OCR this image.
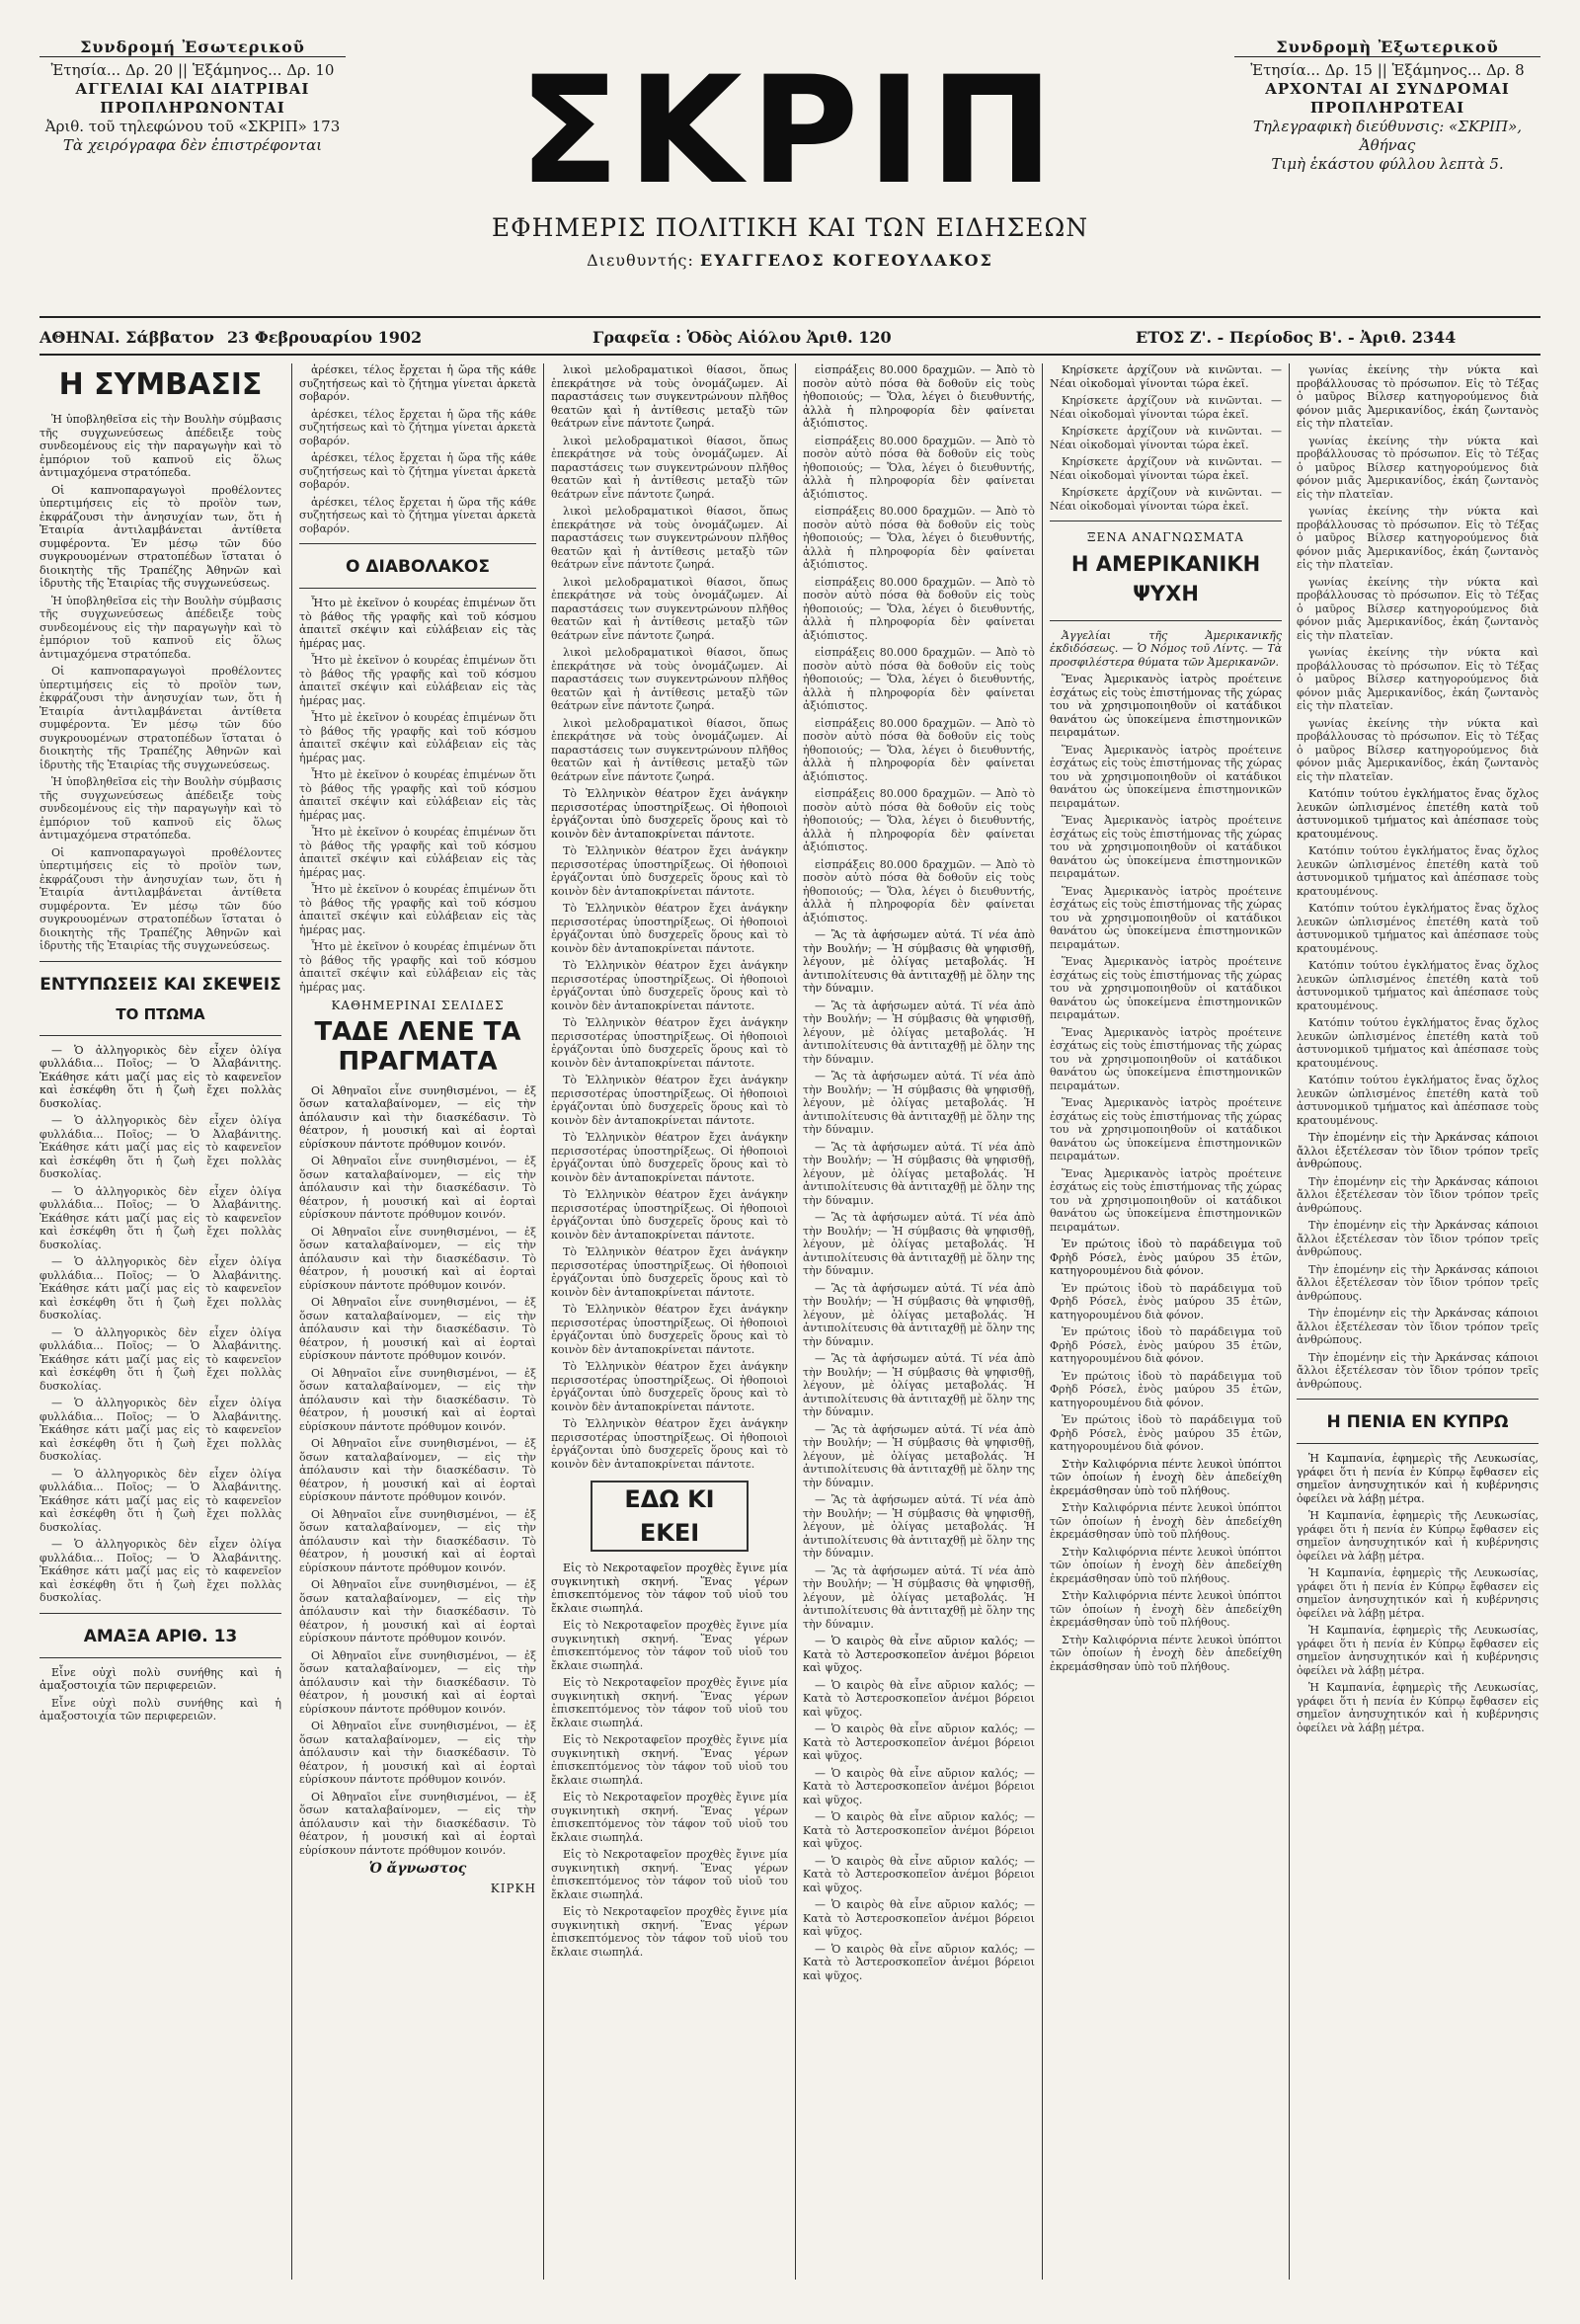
Συνδρομή Ἐσωτερικοῦ
Ἐτησία... Δρ. 20 || Ἑξάμηνος... Δρ. 10
ΑΓΓΕΛΙΑΙ ΚΑΙ ΔΙΑΤΡΙΒΑΙ
ΠΡΟΠΛΗΡΩΝΟΝΤΑΙ
Ἀριθ. τοῦ τηλεφώνου τοῦ «ΣΚΡΙΠ» 173
Τὰ χειρόγραφα δὲν ἐπιστρέφονται ΣΚΡΙΠ
ΕΦΗΜΕΡΙΣ ΠΟΛΙΤΙΚΗ ΚΑΙ ΤΩΝ ΕΙΔΗΣΕΩΝ
Διευθυντής: ΕΥΑΓΓΕΛΟΣ ΚΟΓΕΟΥΛΑΚΟΣ
Συνδρομὴ Ἐξωτερικοῦ
Ἐτησία... Δρ. 15 || Ἑξάμηνος... Δρ. 8
ΑΡΧΟΝΤΑΙ ΑΙ ΣΥΝΔΡΟΜΑΙ
ΠΡΟΠΛΗΡΩΤΕΑΙ
Τηλεγραφικὴ διεύθυνσις: «ΣΚΡΙΠ», Ἀθήνας
Τιμὴ ἑκάστου φύλλου λεπτὰ 5.
ΑΘΗΝΑΙ. Σάββατον 23 Φεβρουαρίου 1902	Γραφεῖα : Ὁδὸς Αἰόλου Ἀριθ. 120	ΕΤΟΣ Ζ'. - Περίοδος Β'. - Ἀριθ. 2344
Η ΣΥΜΒΑΣΙΣ

Ἡ ὑποβληθεῖσα εἰς τὴν Βουλὴν σύμβασις τῆς συγχωνεύσεως ἀπέδειξε τοὺς συνδεομένους εἰς τὴν παραγωγὴν καὶ τὸ ἐμπόριον τοῦ καπνοῦ εἰς ὅλως ἀντιμαχόμενα στρατόπεδα.

Οἱ καπνοπαραγωγοὶ προθέλοντες ὑπερτιμήσεις εἰς τὸ προϊὸν των, ἐκφράζουσι τὴν ἀνησυχίαν των, ὅτι ἡ Ἑταιρία ἀντιλαμβάνεται ἀντίθετα συμφέροντα. Ἐν μέσῳ τῶν δύο συγκρουομένων στρατοπέδων ἵσταται ὁ διοικητὴς τῆς Τραπέζης Ἀθηνῶν καὶ ἱδρυτὴς τῆς Ἑταιρίας τῆς συγχωνεύσεως.

Ἡ ὑποβληθεῖσα εἰς τὴν Βουλὴν σύμβασις τῆς συγχωνεύσεως ἀπέδειξε τοὺς συνδεομένους εἰς τὴν παραγωγὴν καὶ τὸ ἐμπόριον τοῦ καπνοῦ εἰς ὅλως ἀντιμαχόμενα στρατόπεδα.

Οἱ καπνοπαραγωγοὶ προθέλοντες ὑπερτιμήσεις εἰς τὸ προϊὸν των, ἐκφράζουσι τὴν ἀνησυχίαν των, ὅτι ἡ Ἑταιρία ἀντιλαμβάνεται ἀντίθετα συμφέροντα. Ἐν μέσῳ τῶν δύο συγκρουομένων στρατοπέδων ἵσταται ὁ διοικητὴς τῆς Τραπέζης Ἀθηνῶν καὶ ἱδρυτὴς τῆς Ἑταιρίας τῆς συγχωνεύσεως.

Ἡ ὑποβληθεῖσα εἰς τὴν Βουλὴν σύμβασις τῆς συγχωνεύσεως ἀπέδειξε τοὺς συνδεομένους εἰς τὴν παραγωγὴν καὶ τὸ ἐμπόριον τοῦ καπνοῦ εἰς ὅλως ἀντιμαχόμενα στρατόπεδα.

Οἱ καπνοπαραγωγοὶ προθέλοντες ὑπερτιμήσεις εἰς τὸ προϊὸν των, ἐκφράζουσι τὴν ἀνησυχίαν των, ὅτι ἡ Ἑταιρία ἀντιλαμβάνεται ἀντίθετα συμφέροντα. Ἐν μέσῳ τῶν δύο συγκρουομένων στρατοπέδων ἵσταται ὁ διοικητὴς τῆς Τραπέζης Ἀθηνῶν καὶ ἱδρυτὴς τῆς Ἑταιρίας τῆς συγχωνεύσεως.

ΕΝΤΥΠΩΣΕΙΣ ΚΑΙ ΣΚΕΨΕΙΣ
ΤΟ ΠΤΩΜΑ

— Ὁ ἀλληγορικὸς δὲν εἶχεν ὀλίγα φυλλάδια... Ποῖος; — Ὁ Ἀλαβάνιτης. Ἐκάθησε κάτι μαζί μας εἰς τὸ καφενεῖον καὶ ἐσκέφθη ὅτι ἡ ζωὴ ἔχει πολλὰς δυσκολίας.

— Ὁ ἀλληγορικὸς δὲν εἶχεν ὀλίγα φυλλάδια... Ποῖος; — Ὁ Ἀλαβάνιτης. Ἐκάθησε κάτι μαζί μας εἰς τὸ καφενεῖον καὶ ἐσκέφθη ὅτι ἡ ζωὴ ἔχει πολλὰς δυσκολίας.

— Ὁ ἀλληγορικὸς δὲν εἶχεν ὀλίγα φυλλάδια... Ποῖος; — Ὁ Ἀλαβάνιτης. Ἐκάθησε κάτι μαζί μας εἰς τὸ καφενεῖον καὶ ἐσκέφθη ὅτι ἡ ζωὴ ἔχει πολλὰς δυσκολίας.

— Ὁ ἀλληγορικὸς δὲν εἶχεν ὀλίγα φυλλάδια... Ποῖος; — Ὁ Ἀλαβάνιτης. Ἐκάθησε κάτι μαζί μας εἰς τὸ καφενεῖον καὶ ἐσκέφθη ὅτι ἡ ζωὴ ἔχει πολλὰς δυσκολίας.

— Ὁ ἀλληγορικὸς δὲν εἶχεν ὀλίγα φυλλάδια... Ποῖος; — Ὁ Ἀλαβάνιτης. Ἐκάθησε κάτι μαζί μας εἰς τὸ καφενεῖον καὶ ἐσκέφθη ὅτι ἡ ζωὴ ἔχει πολλὰς δυσκολίας.

— Ὁ ἀλληγορικὸς δὲν εἶχεν ὀλίγα φυλλάδια... Ποῖος; — Ὁ Ἀλαβάνιτης. Ἐκάθησε κάτι μαζί μας εἰς τὸ καφενεῖον καὶ ἐσκέφθη ὅτι ἡ ζωὴ ἔχει πολλὰς δυσκολίας.

— Ὁ ἀλληγορικὸς δὲν εἶχεν ὀλίγα φυλλάδια... Ποῖος; — Ὁ Ἀλαβάνιτης. Ἐκάθησε κάτι μαζί μας εἰς τὸ καφενεῖον καὶ ἐσκέφθη ὅτι ἡ ζωὴ ἔχει πολλὰς δυσκολίας.

— Ὁ ἀλληγορικὸς δὲν εἶχεν ὀλίγα φυλλάδια... Ποῖος; — Ὁ Ἀλαβάνιτης. Ἐκάθησε κάτι μαζί μας εἰς τὸ καφενεῖον καὶ ἐσκέφθη ὅτι ἡ ζωὴ ἔχει πολλὰς δυσκολίας.

ΑΜΑΞΑ ΑΡΙΘ. 13

Εἶνε οὐχὶ πολὺ συνήθης καὶ ἡ ἀμαξοστοιχία τῶν περιφερειῶν.

Εἶνε οὐχὶ πολὺ συνήθης καὶ ἡ ἀμαξοστοιχία τῶν περιφερειῶν.

ἀρέσκει, τέλος ἔρχεται ἡ ὥρα τῆς κάθε συζητήσεως καὶ τὸ ζήτημα γίνεται ἀρκετὰ σοβαρόν.

ἀρέσκει, τέλος ἔρχεται ἡ ὥρα τῆς κάθε συζητήσεως καὶ τὸ ζήτημα γίνεται ἀρκετὰ σοβαρόν.

ἀρέσκει, τέλος ἔρχεται ἡ ὥρα τῆς κάθε συζητήσεως καὶ τὸ ζήτημα γίνεται ἀρκετὰ σοβαρόν.

ἀρέσκει, τέλος ἔρχεται ἡ ὥρα τῆς κάθε συζητήσεως καὶ τὸ ζήτημα γίνεται ἀρκετὰ σοβαρόν.

Ο ΔΙΑΒΟΛΑΚΟΣ

Ἦτο μὲ ἐκεῖνον ὁ κουρέας ἐπιμένων ὅτι τὸ βάθος τῆς γραφῆς καὶ τοῦ κόσμου ἀπαιτεῖ σκέψιν καὶ εὐλάβειαν εἰς τὰς ἡμέρας μας.

Ἦτο μὲ ἐκεῖνον ὁ κουρέας ἐπιμένων ὅτι τὸ βάθος τῆς γραφῆς καὶ τοῦ κόσμου ἀπαιτεῖ σκέψιν καὶ εὐλάβειαν εἰς τὰς ἡμέρας μας.

Ἦτο μὲ ἐκεῖνον ὁ κουρέας ἐπιμένων ὅτι τὸ βάθος τῆς γραφῆς καὶ τοῦ κόσμου ἀπαιτεῖ σκέψιν καὶ εὐλάβειαν εἰς τὰς ἡμέρας μας.

Ἦτο μὲ ἐκεῖνον ὁ κουρέας ἐπιμένων ὅτι τὸ βάθος τῆς γραφῆς καὶ τοῦ κόσμου ἀπαιτεῖ σκέψιν καὶ εὐλάβειαν εἰς τὰς ἡμέρας μας.

Ἦτο μὲ ἐκεῖνον ὁ κουρέας ἐπιμένων ὅτι τὸ βάθος τῆς γραφῆς καὶ τοῦ κόσμου ἀπαιτεῖ σκέψιν καὶ εὐλάβειαν εἰς τὰς ἡμέρας μας.

Ἦτο μὲ ἐκεῖνον ὁ κουρέας ἐπιμένων ὅτι τὸ βάθος τῆς γραφῆς καὶ τοῦ κόσμου ἀπαιτεῖ σκέψιν καὶ εὐλάβειαν εἰς τὰς ἡμέρας μας.

Ἦτο μὲ ἐκεῖνον ὁ κουρέας ἐπιμένων ὅτι τὸ βάθος τῆς γραφῆς καὶ τοῦ κόσμου ἀπαιτεῖ σκέψιν καὶ εὐλάβειαν εἰς τὰς ἡμέρας μας.

ΚΑΘΗΜΕΡΙΝΑΙ ΣΕΛΙΔΕΣ
ΤΑΔΕ ΛΕΝΕ ΤΑ ΠΡΑΓΜΑΤΑ

Οἱ Ἀθηναῖοι εἶνε συνηθισμένοι, — ἐξ ὅσων καταλαβαίνομεν, — εἰς τὴν ἀπόλαυσιν καὶ τὴν διασκέδασιν. Τὸ θέατρον, ἡ μουσική καὶ αἱ ἑορταὶ εὑρίσκουν πάντοτε πρόθυμον κοινόν.

Οἱ Ἀθηναῖοι εἶνε συνηθισμένοι, — ἐξ ὅσων καταλαβαίνομεν, — εἰς τὴν ἀπόλαυσιν καὶ τὴν διασκέδασιν. Τὸ θέατρον, ἡ μουσική καὶ αἱ ἑορταὶ εὑρίσκουν πάντοτε πρόθυμον κοινόν.

Οἱ Ἀθηναῖοι εἶνε συνηθισμένοι, — ἐξ ὅσων καταλαβαίνομεν, — εἰς τὴν ἀπόλαυσιν καὶ τὴν διασκέδασιν. Τὸ θέατρον, ἡ μουσική καὶ αἱ ἑορταὶ εὑρίσκουν πάντοτε πρόθυμον κοινόν.

Οἱ Ἀθηναῖοι εἶνε συνηθισμένοι, — ἐξ ὅσων καταλαβαίνομεν, — εἰς τὴν ἀπόλαυσιν καὶ τὴν διασκέδασιν. Τὸ θέατρον, ἡ μουσική καὶ αἱ ἑορταὶ εὑρίσκουν πάντοτε πρόθυμον κοινόν.

Οἱ Ἀθηναῖοι εἶνε συνηθισμένοι, — ἐξ ὅσων καταλαβαίνομεν, — εἰς τὴν ἀπόλαυσιν καὶ τὴν διασκέδασιν. Τὸ θέατρον, ἡ μουσική καὶ αἱ ἑορταὶ εὑρίσκουν πάντοτε πρόθυμον κοινόν.

Οἱ Ἀθηναῖοι εἶνε συνηθισμένοι, — ἐξ ὅσων καταλαβαίνομεν, — εἰς τὴν ἀπόλαυσιν καὶ τὴν διασκέδασιν. Τὸ θέατρον, ἡ μουσική καὶ αἱ ἑορταὶ εὑρίσκουν πάντοτε πρόθυμον κοινόν.

Οἱ Ἀθηναῖοι εἶνε συνηθισμένοι, — ἐξ ὅσων καταλαβαίνομεν, — εἰς τὴν ἀπόλαυσιν καὶ τὴν διασκέδασιν. Τὸ θέατρον, ἡ μουσική καὶ αἱ ἑορταὶ εὑρίσκουν πάντοτε πρόθυμον κοινόν.

Οἱ Ἀθηναῖοι εἶνε συνηθισμένοι, — ἐξ ὅσων καταλαβαίνομεν, — εἰς τὴν ἀπόλαυσιν καὶ τὴν διασκέδασιν. Τὸ θέατρον, ἡ μουσική καὶ αἱ ἑορταὶ εὑρίσκουν πάντοτε πρόθυμον κοινόν.

Οἱ Ἀθηναῖοι εἶνε συνηθισμένοι, — ἐξ ὅσων καταλαβαίνομεν, — εἰς τὴν ἀπόλαυσιν καὶ τὴν διασκέδασιν. Τὸ θέατρον, ἡ μουσική καὶ αἱ ἑορταὶ εὑρίσκουν πάντοτε πρόθυμον κοινόν.

Οἱ Ἀθηναῖοι εἶνε συνηθισμένοι, — ἐξ ὅσων καταλαβαίνομεν, — εἰς τὴν ἀπόλαυσιν καὶ τὴν διασκέδασιν. Τὸ θέατρον, ἡ μουσική καὶ αἱ ἑορταὶ εὑρίσκουν πάντοτε πρόθυμον κοινόν.

Οἱ Ἀθηναῖοι εἶνε συνηθισμένοι, — ἐξ ὅσων καταλαβαίνομεν, — εἰς τὴν ἀπόλαυσιν καὶ τὴν διασκέδασιν. Τὸ θέατρον, ἡ μουσική καὶ αἱ ἑορταὶ εὑρίσκουν πάντοτε πρόθυμον κοινόν.

Ὁ ἄγνωστος
ΚΙΡΚΗ

λικοὶ μελοδραματικοὶ θίασοι, ὅπως ἐπεκράτησε νὰ τοὺς ὀνομάζωμεν. Αἱ παραστάσεις των συγκεντρώνουν πλῆθος θεατῶν καὶ ἡ ἀντίθεσις μεταξὺ τῶν θεάτρων εἶνε πάντοτε ζωηρά.

λικοὶ μελοδραματικοὶ θίασοι, ὅπως ἐπεκράτησε νὰ τοὺς ὀνομάζωμεν. Αἱ παραστάσεις των συγκεντρώνουν πλῆθος θεατῶν καὶ ἡ ἀντίθεσις μεταξὺ τῶν θεάτρων εἶνε πάντοτε ζωηρά.

λικοὶ μελοδραματικοὶ θίασοι, ὅπως ἐπεκράτησε νὰ τοὺς ὀνομάζωμεν. Αἱ παραστάσεις των συγκεντρώνουν πλῆθος θεατῶν καὶ ἡ ἀντίθεσις μεταξὺ τῶν θεάτρων εἶνε πάντοτε ζωηρά.

λικοὶ μελοδραματικοὶ θίασοι, ὅπως ἐπεκράτησε νὰ τοὺς ὀνομάζωμεν. Αἱ παραστάσεις των συγκεντρώνουν πλῆθος θεατῶν καὶ ἡ ἀντίθεσις μεταξὺ τῶν θεάτρων εἶνε πάντοτε ζωηρά.

λικοὶ μελοδραματικοὶ θίασοι, ὅπως ἐπεκράτησε νὰ τοὺς ὀνομάζωμεν. Αἱ παραστάσεις των συγκεντρώνουν πλῆθος θεατῶν καὶ ἡ ἀντίθεσις μεταξὺ τῶν θεάτρων εἶνε πάντοτε ζωηρά.

λικοὶ μελοδραματικοὶ θίασοι, ὅπως ἐπεκράτησε νὰ τοὺς ὀνομάζωμεν. Αἱ παραστάσεις των συγκεντρώνουν πλῆθος θεατῶν καὶ ἡ ἀντίθεσις μεταξὺ τῶν θεάτρων εἶνε πάντοτε ζωηρά.

Τὸ Ἑλληνικὸν θέατρον ἔχει ἀνάγκην περισσοτέρας ὑποστηρίξεως. Οἱ ἠθοποιοὶ ἐργάζονται ὑπὸ δυσχερεῖς ὅρους καὶ τὸ κοινὸν δὲν ἀνταποκρίνεται πάντοτε.

Τὸ Ἑλληνικὸν θέατρον ἔχει ἀνάγκην περισσοτέρας ὑποστηρίξεως. Οἱ ἠθοποιοὶ ἐργάζονται ὑπὸ δυσχερεῖς ὅρους καὶ τὸ κοινὸν δὲν ἀνταποκρίνεται πάντοτε.

Τὸ Ἑλληνικὸν θέατρον ἔχει ἀνάγκην περισσοτέρας ὑποστηρίξεως. Οἱ ἠθοποιοὶ ἐργάζονται ὑπὸ δυσχερεῖς ὅρους καὶ τὸ κοινὸν δὲν ἀνταποκρίνεται πάντοτε.

Τὸ Ἑλληνικὸν θέατρον ἔχει ἀνάγκην περισσοτέρας ὑποστηρίξεως. Οἱ ἠθοποιοὶ ἐργάζονται ὑπὸ δυσχερεῖς ὅρους καὶ τὸ κοινὸν δὲν ἀνταποκρίνεται πάντοτε.

Τὸ Ἑλληνικὸν θέατρον ἔχει ἀνάγκην περισσοτέρας ὑποστηρίξεως. Οἱ ἠθοποιοὶ ἐργάζονται ὑπὸ δυσχερεῖς ὅρους καὶ τὸ κοινὸν δὲν ἀνταποκρίνεται πάντοτε.

Τὸ Ἑλληνικὸν θέατρον ἔχει ἀνάγκην περισσοτέρας ὑποστηρίξεως. Οἱ ἠθοποιοὶ ἐργάζονται ὑπὸ δυσχερεῖς ὅρους καὶ τὸ κοινὸν δὲν ἀνταποκρίνεται πάντοτε.

Τὸ Ἑλληνικὸν θέατρον ἔχει ἀνάγκην περισσοτέρας ὑποστηρίξεως. Οἱ ἠθοποιοὶ ἐργάζονται ὑπὸ δυσχερεῖς ὅρους καὶ τὸ κοινὸν δὲν ἀνταποκρίνεται πάντοτε.

Τὸ Ἑλληνικὸν θέατρον ἔχει ἀνάγκην περισσοτέρας ὑποστηρίξεως. Οἱ ἠθοποιοὶ ἐργάζονται ὑπὸ δυσχερεῖς ὅρους καὶ τὸ κοινὸν δὲν ἀνταποκρίνεται πάντοτε.

Τὸ Ἑλληνικὸν θέατρον ἔχει ἀνάγκην περισσοτέρας ὑποστηρίξεως. Οἱ ἠθοποιοὶ ἐργάζονται ὑπὸ δυσχερεῖς ὅρους καὶ τὸ κοινὸν δὲν ἀνταποκρίνεται πάντοτε.

Τὸ Ἑλληνικὸν θέατρον ἔχει ἀνάγκην περισσοτέρας ὑποστηρίξεως. Οἱ ἠθοποιοὶ ἐργάζονται ὑπὸ δυσχερεῖς ὅρους καὶ τὸ κοινὸν δὲν ἀνταποκρίνεται πάντοτε.

Τὸ Ἑλληνικὸν θέατρον ἔχει ἀνάγκην περισσοτέρας ὑποστηρίξεως. Οἱ ἠθοποιοὶ ἐργάζονται ὑπὸ δυσχερεῖς ὅρους καὶ τὸ κοινὸν δὲν ἀνταποκρίνεται πάντοτε.

Τὸ Ἑλληνικὸν θέατρον ἔχει ἀνάγκην περισσοτέρας ὑποστηρίξεως. Οἱ ἠθοποιοὶ ἐργάζονται ὑπὸ δυσχερεῖς ὅρους καὶ τὸ κοινὸν δὲν ἀνταποκρίνεται πάντοτε.

ΕΔΩ ΚΙ ΕΚΕΙ

Εἰς τὸ Νεκροταφεῖον προχθὲς ἔγινε μία συγκινητικὴ σκηνή. Ἕνας γέρων ἐπισκεπτόμενος τὸν τάφον τοῦ υἱοῦ του ἔκλαιε σιωπηλά.

Εἰς τὸ Νεκροταφεῖον προχθὲς ἔγινε μία συγκινητικὴ σκηνή. Ἕνας γέρων ἐπισκεπτόμενος τὸν τάφον τοῦ υἱοῦ του ἔκλαιε σιωπηλά.

Εἰς τὸ Νεκροταφεῖον προχθὲς ἔγινε μία συγκινητικὴ σκηνή. Ἕνας γέρων ἐπισκεπτόμενος τὸν τάφον τοῦ υἱοῦ του ἔκλαιε σιωπηλά.

Εἰς τὸ Νεκροταφεῖον προχθὲς ἔγινε μία συγκινητικὴ σκηνή. Ἕνας γέρων ἐπισκεπτόμενος τὸν τάφον τοῦ υἱοῦ του ἔκλαιε σιωπηλά.

Εἰς τὸ Νεκροταφεῖον προχθὲς ἔγινε μία συγκινητικὴ σκηνή. Ἕνας γέρων ἐπισκεπτόμενος τὸν τάφον τοῦ υἱοῦ του ἔκλαιε σιωπηλά.

Εἰς τὸ Νεκροταφεῖον προχθὲς ἔγινε μία συγκινητικὴ σκηνή. Ἕνας γέρων ἐπισκεπτόμενος τὸν τάφον τοῦ υἱοῦ του ἔκλαιε σιωπηλά.

Εἰς τὸ Νεκροταφεῖον προχθὲς ἔγινε μία συγκινητικὴ σκηνή. Ἕνας γέρων ἐπισκεπτόμενος τὸν τάφον τοῦ υἱοῦ του ἔκλαιε σιωπηλά.

εἰσπράξεις 80.000 δραχμῶν. — Ἀπὸ τὸ ποσὸν αὐτὸ πόσα θὰ δοθοῦν εἰς τοὺς ἠθοποιούς; — Ὅλα, λέγει ὁ διευθυντής, ἀλλὰ ἡ πληροφορία δὲν φαίνεται ἀξιόπιστος.

εἰσπράξεις 80.000 δραχμῶν. — Ἀπὸ τὸ ποσὸν αὐτὸ πόσα θὰ δοθοῦν εἰς τοὺς ἠθοποιούς; — Ὅλα, λέγει ὁ διευθυντής, ἀλλὰ ἡ πληροφορία δὲν φαίνεται ἀξιόπιστος.

εἰσπράξεις 80.000 δραχμῶν. — Ἀπὸ τὸ ποσὸν αὐτὸ πόσα θὰ δοθοῦν εἰς τοὺς ἠθοποιούς; — Ὅλα, λέγει ὁ διευθυντής, ἀλλὰ ἡ πληροφορία δὲν φαίνεται ἀξιόπιστος.

εἰσπράξεις 80.000 δραχμῶν. — Ἀπὸ τὸ ποσὸν αὐτὸ πόσα θὰ δοθοῦν εἰς τοὺς ἠθοποιούς; — Ὅλα, λέγει ὁ διευθυντής, ἀλλὰ ἡ πληροφορία δὲν φαίνεται ἀξιόπιστος.

εἰσπράξεις 80.000 δραχμῶν. — Ἀπὸ τὸ ποσὸν αὐτὸ πόσα θὰ δοθοῦν εἰς τοὺς ἠθοποιούς; — Ὅλα, λέγει ὁ διευθυντής, ἀλλὰ ἡ πληροφορία δὲν φαίνεται ἀξιόπιστος.

εἰσπράξεις 80.000 δραχμῶν. — Ἀπὸ τὸ ποσὸν αὐτὸ πόσα θὰ δοθοῦν εἰς τοὺς ἠθοποιούς; — Ὅλα, λέγει ὁ διευθυντής, ἀλλὰ ἡ πληροφορία δὲν φαίνεται ἀξιόπιστος.

εἰσπράξεις 80.000 δραχμῶν. — Ἀπὸ τὸ ποσὸν αὐτὸ πόσα θὰ δοθοῦν εἰς τοὺς ἠθοποιούς; — Ὅλα, λέγει ὁ διευθυντής, ἀλλὰ ἡ πληροφορία δὲν φαίνεται ἀξιόπιστος.

εἰσπράξεις 80.000 δραχμῶν. — Ἀπὸ τὸ ποσὸν αὐτὸ πόσα θὰ δοθοῦν εἰς τοὺς ἠθοποιούς; — Ὅλα, λέγει ὁ διευθυντής, ἀλλὰ ἡ πληροφορία δὲν φαίνεται ἀξιόπιστος.

— Ἂς τὰ ἀφήσωμεν αὐτά. Τί νέα ἀπὸ τὴν Βουλήν; — Ἡ σύμβασις θὰ ψηφισθῇ, λέγουν, μὲ ὀλίγας μεταβολάς. Ἡ ἀντιπολίτευσις θὰ ἀντιταχθῇ μὲ ὅλην της τὴν δύναμιν.

— Ἂς τὰ ἀφήσωμεν αὐτά. Τί νέα ἀπὸ τὴν Βουλήν; — Ἡ σύμβασις θὰ ψηφισθῇ, λέγουν, μὲ ὀλίγας μεταβολάς. Ἡ ἀντιπολίτευσις θὰ ἀντιταχθῇ μὲ ὅλην της τὴν δύναμιν.

— Ἂς τὰ ἀφήσωμεν αὐτά. Τί νέα ἀπὸ τὴν Βουλήν; — Ἡ σύμβασις θὰ ψηφισθῇ, λέγουν, μὲ ὀλίγας μεταβολάς. Ἡ ἀντιπολίτευσις θὰ ἀντιταχθῇ μὲ ὅλην της τὴν δύναμιν.

— Ἂς τὰ ἀφήσωμεν αὐτά. Τί νέα ἀπὸ τὴν Βουλήν; — Ἡ σύμβασις θὰ ψηφισθῇ, λέγουν, μὲ ὀλίγας μεταβολάς. Ἡ ἀντιπολίτευσις θὰ ἀντιταχθῇ μὲ ὅλην της τὴν δύναμιν.

— Ἂς τὰ ἀφήσωμεν αὐτά. Τί νέα ἀπὸ τὴν Βουλήν; — Ἡ σύμβασις θὰ ψηφισθῇ, λέγουν, μὲ ὀλίγας μεταβολάς. Ἡ ἀντιπολίτευσις θὰ ἀντιταχθῇ μὲ ὅλην της τὴν δύναμιν.

— Ἂς τὰ ἀφήσωμεν αὐτά. Τί νέα ἀπὸ τὴν Βουλήν; — Ἡ σύμβασις θὰ ψηφισθῇ, λέγουν, μὲ ὀλίγας μεταβολάς. Ἡ ἀντιπολίτευσις θὰ ἀντιταχθῇ μὲ ὅλην της τὴν δύναμιν.

— Ἂς τὰ ἀφήσωμεν αὐτά. Τί νέα ἀπὸ τὴν Βουλήν; — Ἡ σύμβασις θὰ ψηφισθῇ, λέγουν, μὲ ὀλίγας μεταβολάς. Ἡ ἀντιπολίτευσις θὰ ἀντιταχθῇ μὲ ὅλην της τὴν δύναμιν.

— Ἂς τὰ ἀφήσωμεν αὐτά. Τί νέα ἀπὸ τὴν Βουλήν; — Ἡ σύμβασις θὰ ψηφισθῇ, λέγουν, μὲ ὀλίγας μεταβολάς. Ἡ ἀντιπολίτευσις θὰ ἀντιταχθῇ μὲ ὅλην της τὴν δύναμιν.

— Ἂς τὰ ἀφήσωμεν αὐτά. Τί νέα ἀπὸ τὴν Βουλήν; — Ἡ σύμβασις θὰ ψηφισθῇ, λέγουν, μὲ ὀλίγας μεταβολάς. Ἡ ἀντιπολίτευσις θὰ ἀντιταχθῇ μὲ ὅλην της τὴν δύναμιν.

— Ἂς τὰ ἀφήσωμεν αὐτά. Τί νέα ἀπὸ τὴν Βουλήν; — Ἡ σύμβασις θὰ ψηφισθῇ, λέγουν, μὲ ὀλίγας μεταβολάς. Ἡ ἀντιπολίτευσις θὰ ἀντιταχθῇ μὲ ὅλην της τὴν δύναμιν.

— Ὁ καιρὸς θὰ εἶνε αὔριον καλός; — Κατὰ τὸ Ἀστεροσκοπεῖον ἀνέμοι βόρειοι καὶ ψῦχος.

— Ὁ καιρὸς θὰ εἶνε αὔριον καλός; — Κατὰ τὸ Ἀστεροσκοπεῖον ἀνέμοι βόρειοι καὶ ψῦχος.

— Ὁ καιρὸς θὰ εἶνε αὔριον καλός; — Κατὰ τὸ Ἀστεροσκοπεῖον ἀνέμοι βόρειοι καὶ ψῦχος.

— Ὁ καιρὸς θὰ εἶνε αὔριον καλός; — Κατὰ τὸ Ἀστεροσκοπεῖον ἀνέμοι βόρειοι καὶ ψῦχος.

— Ὁ καιρὸς θὰ εἶνε αὔριον καλός; — Κατὰ τὸ Ἀστεροσκοπεῖον ἀνέμοι βόρειοι καὶ ψῦχος.

— Ὁ καιρὸς θὰ εἶνε αὔριον καλός; — Κατὰ τὸ Ἀστεροσκοπεῖον ἀνέμοι βόρειοι καὶ ψῦχος.

— Ὁ καιρὸς θὰ εἶνε αὔριον καλός; — Κατὰ τὸ Ἀστεροσκοπεῖον ἀνέμοι βόρειοι καὶ ψῦχος.

— Ὁ καιρὸς θὰ εἶνε αὔριον καλός; — Κατὰ τὸ Ἀστεροσκοπεῖον ἀνέμοι βόρειοι καὶ ψῦχος.

Κηρίσκετε ἀρχίζουν νὰ κινῶνται. — Νέαι οἰκοδομαὶ γίνονται τώρα ἐκεῖ.

Κηρίσκετε ἀρχίζουν νὰ κινῶνται. — Νέαι οἰκοδομαὶ γίνονται τώρα ἐκεῖ.

Κηρίσκετε ἀρχίζουν νὰ κινῶνται. — Νέαι οἰκοδομαὶ γίνονται τώρα ἐκεῖ.

Κηρίσκετε ἀρχίζουν νὰ κινῶνται. — Νέαι οἰκοδομαὶ γίνονται τώρα ἐκεῖ.

Κηρίσκετε ἀρχίζουν νὰ κινῶνται. — Νέαι οἰκοδομαὶ γίνονται τώρα ἐκεῖ.

ΞΕΝΑ ΑΝΑΓΝΩΣΜΑΤΑ
Η ΑΜΕΡΙΚΑΝΙΚΗ ΨΥΧΗ

Ἀγγελίαι τῆς Ἀμερικανικῆς ἐκδιδόσεως. — Ὁ Νόμος τοῦ Λίντς. — Τὰ προσφιλέστερα θύματα τῶν Ἀμερικανῶν.

Ἕνας Ἀμερικανὸς ἰατρὸς προέτεινε ἐσχάτως εἰς τοὺς ἐπιστήμονας τῆς χώρας του νὰ χρησιμοποιηθοῦν οἱ κατάδικοι θανάτου ὡς ὑποκείμενα ἐπιστημονικῶν πειραμάτων.

Ἕνας Ἀμερικανὸς ἰατρὸς προέτεινε ἐσχάτως εἰς τοὺς ἐπιστήμονας τῆς χώρας του νὰ χρησιμοποιηθοῦν οἱ κατάδικοι θανάτου ὡς ὑποκείμενα ἐπιστημονικῶν πειραμάτων.

Ἕνας Ἀμερικανὸς ἰατρὸς προέτεινε ἐσχάτως εἰς τοὺς ἐπιστήμονας τῆς χώρας του νὰ χρησιμοποιηθοῦν οἱ κατάδικοι θανάτου ὡς ὑποκείμενα ἐπιστημονικῶν πειραμάτων.

Ἕνας Ἀμερικανὸς ἰατρὸς προέτεινε ἐσχάτως εἰς τοὺς ἐπιστήμονας τῆς χώρας του νὰ χρησιμοποιηθοῦν οἱ κατάδικοι θανάτου ὡς ὑποκείμενα ἐπιστημονικῶν πειραμάτων.

Ἕνας Ἀμερικανὸς ἰατρὸς προέτεινε ἐσχάτως εἰς τοὺς ἐπιστήμονας τῆς χώρας του νὰ χρησιμοποιηθοῦν οἱ κατάδικοι θανάτου ὡς ὑποκείμενα ἐπιστημονικῶν πειραμάτων.

Ἕνας Ἀμερικανὸς ἰατρὸς προέτεινε ἐσχάτως εἰς τοὺς ἐπιστήμονας τῆς χώρας του νὰ χρησιμοποιηθοῦν οἱ κατάδικοι θανάτου ὡς ὑποκείμενα ἐπιστημονικῶν πειραμάτων.

Ἕνας Ἀμερικανὸς ἰατρὸς προέτεινε ἐσχάτως εἰς τοὺς ἐπιστήμονας τῆς χώρας του νὰ χρησιμοποιηθοῦν οἱ κατάδικοι θανάτου ὡς ὑποκείμενα ἐπιστημονικῶν πειραμάτων.

Ἕνας Ἀμερικανὸς ἰατρὸς προέτεινε ἐσχάτως εἰς τοὺς ἐπιστήμονας τῆς χώρας του νὰ χρησιμοποιηθοῦν οἱ κατάδικοι θανάτου ὡς ὑποκείμενα ἐπιστημονικῶν πειραμάτων.

Ἐν πρώτοις ἰδοὺ τὸ παράδειγμα τοῦ Φρὴδ Ρόσελ, ἐνὸς μαύρου 35 ἐτῶν, κατηγορουμένου διὰ φόνον.

Ἐν πρώτοις ἰδοὺ τὸ παράδειγμα τοῦ Φρὴδ Ρόσελ, ἐνὸς μαύρου 35 ἐτῶν, κατηγορουμένου διὰ φόνον.

Ἐν πρώτοις ἰδοὺ τὸ παράδειγμα τοῦ Φρὴδ Ρόσελ, ἐνὸς μαύρου 35 ἐτῶν, κατηγορουμένου διὰ φόνον.

Ἐν πρώτοις ἰδοὺ τὸ παράδειγμα τοῦ Φρὴδ Ρόσελ, ἐνὸς μαύρου 35 ἐτῶν, κατηγορουμένου διὰ φόνον.

Ἐν πρώτοις ἰδοὺ τὸ παράδειγμα τοῦ Φρὴδ Ρόσελ, ἐνὸς μαύρου 35 ἐτῶν, κατηγορουμένου διὰ φόνον.

Στὴν Καλιφόρνια πέντε λευκοὶ ὑπόπτοι τῶν ὁποίων ἡ ἐνοχὴ δὲν ἀπεδείχθη ἐκρεμάσθησαν ὑπὸ τοῦ πλήθους.

Στὴν Καλιφόρνια πέντε λευκοὶ ὑπόπτοι τῶν ὁποίων ἡ ἐνοχὴ δὲν ἀπεδείχθη ἐκρεμάσθησαν ὑπὸ τοῦ πλήθους.

Στὴν Καλιφόρνια πέντε λευκοὶ ὑπόπτοι τῶν ὁποίων ἡ ἐνοχὴ δὲν ἀπεδείχθη ἐκρεμάσθησαν ὑπὸ τοῦ πλήθους.

Στὴν Καλιφόρνια πέντε λευκοὶ ὑπόπτοι τῶν ὁποίων ἡ ἐνοχὴ δὲν ἀπεδείχθη ἐκρεμάσθησαν ὑπὸ τοῦ πλήθους.

Στὴν Καλιφόρνια πέντε λευκοὶ ὑπόπτοι τῶν ὁποίων ἡ ἐνοχὴ δὲν ἀπεδείχθη ἐκρεμάσθησαν ὑπὸ τοῦ πλήθους.

γωνίας ἐκείνης τὴν νύκτα καὶ προβάλλουσας τὸ πρόσωπον. Εἰς τὸ Τέξας ὁ μαῦρος Βίλσερ κατηγορούμενος διὰ φόνον μιᾶς Ἀμερικανίδος, ἐκάη ζωντανὸς εἰς τὴν πλατεῖαν.

γωνίας ἐκείνης τὴν νύκτα καὶ προβάλλουσας τὸ πρόσωπον. Εἰς τὸ Τέξας ὁ μαῦρος Βίλσερ κατηγορούμενος διὰ φόνον μιᾶς Ἀμερικανίδος, ἐκάη ζωντανὸς εἰς τὴν πλατεῖαν.

γωνίας ἐκείνης τὴν νύκτα καὶ προβάλλουσας τὸ πρόσωπον. Εἰς τὸ Τέξας ὁ μαῦρος Βίλσερ κατηγορούμενος διὰ φόνον μιᾶς Ἀμερικανίδος, ἐκάη ζωντανὸς εἰς τὴν πλατεῖαν.

γωνίας ἐκείνης τὴν νύκτα καὶ προβάλλουσας τὸ πρόσωπον. Εἰς τὸ Τέξας ὁ μαῦρος Βίλσερ κατηγορούμενος διὰ φόνον μιᾶς Ἀμερικανίδος, ἐκάη ζωντανὸς εἰς τὴν πλατεῖαν.

γωνίας ἐκείνης τὴν νύκτα καὶ προβάλλουσας τὸ πρόσωπον. Εἰς τὸ Τέξας ὁ μαῦρος Βίλσερ κατηγορούμενος διὰ φόνον μιᾶς Ἀμερικανίδος, ἐκάη ζωντανὸς εἰς τὴν πλατεῖαν.

γωνίας ἐκείνης τὴν νύκτα καὶ προβάλλουσας τὸ πρόσωπον. Εἰς τὸ Τέξας ὁ μαῦρος Βίλσερ κατηγορούμενος διὰ φόνον μιᾶς Ἀμερικανίδος, ἐκάη ζωντανὸς εἰς τὴν πλατεῖαν.

Κατόπιν τούτου ἐγκλήματος ἔνας ὄχλος λευκῶν ὡπλισμένος ἐπετέθη κατὰ τοῦ ἀστυνομικοῦ τμήματος καὶ ἀπέσπασε τοὺς κρατουμένους.

Κατόπιν τούτου ἐγκλήματος ἔνας ὄχλος λευκῶν ὡπλισμένος ἐπετέθη κατὰ τοῦ ἀστυνομικοῦ τμήματος καὶ ἀπέσπασε τοὺς κρατουμένους.

Κατόπιν τούτου ἐγκλήματος ἔνας ὄχλος λευκῶν ὡπλισμένος ἐπετέθη κατὰ τοῦ ἀστυνομικοῦ τμήματος καὶ ἀπέσπασε τοὺς κρατουμένους.

Κατόπιν τούτου ἐγκλήματος ἔνας ὄχλος λευκῶν ὡπλισμένος ἐπετέθη κατὰ τοῦ ἀστυνομικοῦ τμήματος καὶ ἀπέσπασε τοὺς κρατουμένους.

Κατόπιν τούτου ἐγκλήματος ἔνας ὄχλος λευκῶν ὡπλισμένος ἐπετέθη κατὰ τοῦ ἀστυνομικοῦ τμήματος καὶ ἀπέσπασε τοὺς κρατουμένους.

Κατόπιν τούτου ἐγκλήματος ἔνας ὄχλος λευκῶν ὡπλισμένος ἐπετέθη κατὰ τοῦ ἀστυνομικοῦ τμήματος καὶ ἀπέσπασε τοὺς κρατουμένους.

Τὴν ἐπομένην εἰς τὴν Ἀρκάνσας κάποιοι ἄλλοι ἐξετέλεσαν τὸν ἴδιον τρόπον τρεῖς ἀνθρώπους.

Τὴν ἐπομένην εἰς τὴν Ἀρκάνσας κάποιοι ἄλλοι ἐξετέλεσαν τὸν ἴδιον τρόπον τρεῖς ἀνθρώπους.

Τὴν ἐπομένην εἰς τὴν Ἀρκάνσας κάποιοι ἄλλοι ἐξετέλεσαν τὸν ἴδιον τρόπον τρεῖς ἀνθρώπους.

Τὴν ἐπομένην εἰς τὴν Ἀρκάνσας κάποιοι ἄλλοι ἐξετέλεσαν τὸν ἴδιον τρόπον τρεῖς ἀνθρώπους.

Τὴν ἐπομένην εἰς τὴν Ἀρκάνσας κάποιοι ἄλλοι ἐξετέλεσαν τὸν ἴδιον τρόπον τρεῖς ἀνθρώπους.

Τὴν ἐπομένην εἰς τὴν Ἀρκάνσας κάποιοι ἄλλοι ἐξετέλεσαν τὸν ἴδιον τρόπον τρεῖς ἀνθρώπους.

Η ΠΕΝΙΑ ΕΝ ΚΥΠΡΩ

Ἡ Καμπανία, ἐφημερὶς τῆς Λευκωσίας, γράφει ὅτι ἡ πενία ἐν Κύπρῳ ἔφθασεν εἰς σημεῖον ἀνησυχητικόν καὶ ἡ κυβέρνησις ὀφείλει νὰ λάβῃ μέτρα.

Ἡ Καμπανία, ἐφημερὶς τῆς Λευκωσίας, γράφει ὅτι ἡ πενία ἐν Κύπρῳ ἔφθασεν εἰς σημεῖον ἀνησυχητικόν καὶ ἡ κυβέρνησις ὀφείλει νὰ λάβῃ μέτρα.

Ἡ Καμπανία, ἐφημερὶς τῆς Λευκωσίας, γράφει ὅτι ἡ πενία ἐν Κύπρῳ ἔφθασεν εἰς σημεῖον ἀνησυχητικόν καὶ ἡ κυβέρνησις ὀφείλει νὰ λάβῃ μέτρα.

Ἡ Καμπανία, ἐφημερὶς τῆς Λευκωσίας, γράφει ὅτι ἡ πενία ἐν Κύπρῳ ἔφθασεν εἰς σημεῖον ἀνησυχητικόν καὶ ἡ κυβέρνησις ὀφείλει νὰ λάβῃ μέτρα.

Ἡ Καμπανία, ἐφημερὶς τῆς Λευκωσίας, γράφει ὅτι ἡ πενία ἐν Κύπρῳ ἔφθασεν εἰς σημεῖον ἀνησυχητικόν καὶ ἡ κυβέρνησις ὀφείλει νὰ λάβῃ μέτρα.
